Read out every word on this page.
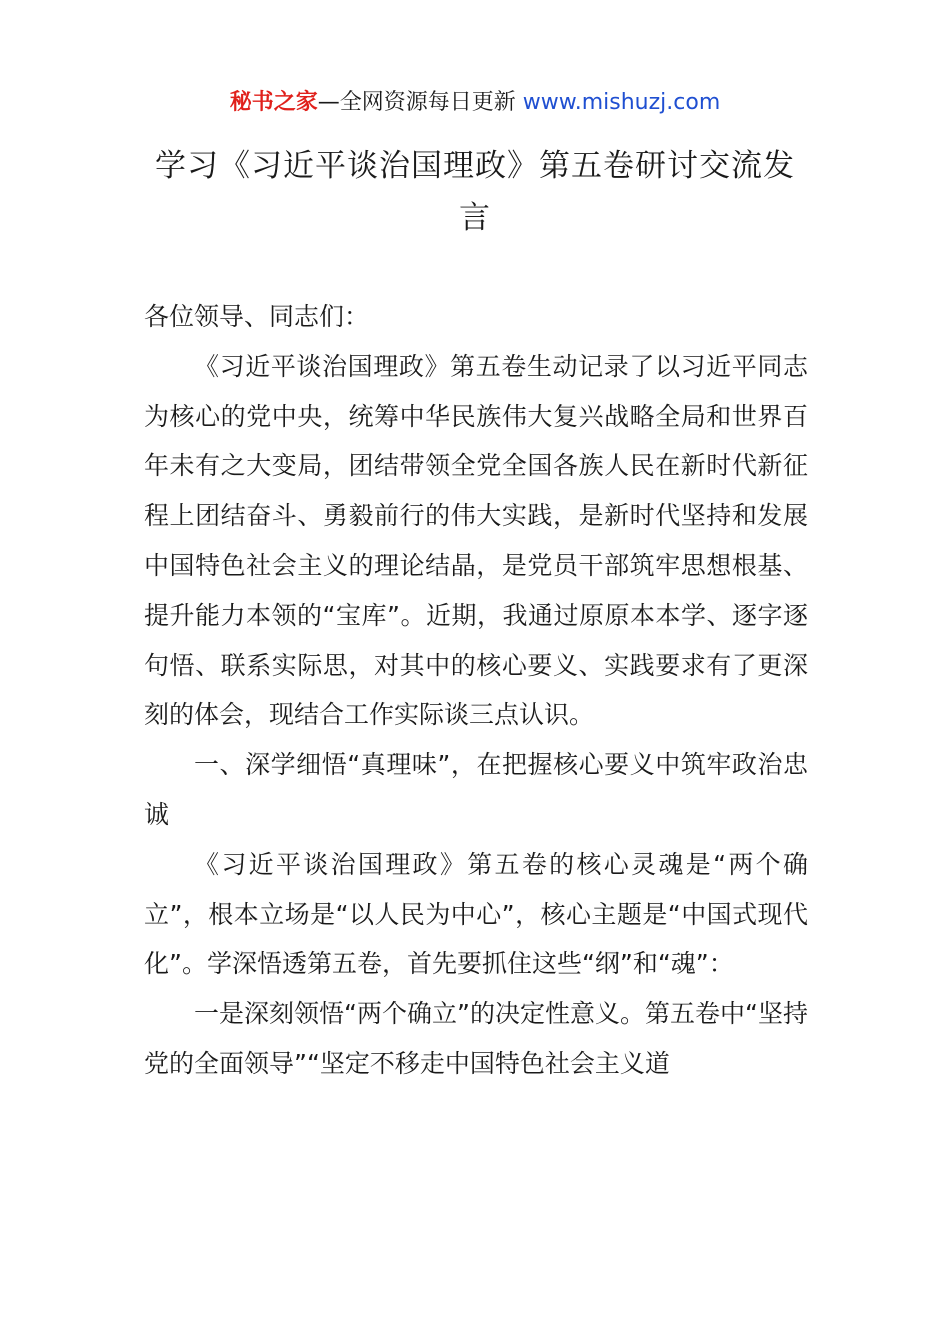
秘书之家—全网资源每日更新 www.mishuzj.com
学习《习近平谈治国理政》第五卷研讨交流发言

各位领导、同志们：

《习近平谈治国理政》第五卷生动记录了以习近平同志为核心的党中央，统筹中华民族伟大复兴战略全局和世界百年未有之大变局，团结带领全党全国各族人民在新时代新征程上团结奋斗、勇毅前行的伟大实践，是新时代坚持和发展中国特色社会主义的理论结晶，是党员干部筑牢思想根基、提升能力本领的“宝库”。近期，我通过原原本本学、逐字逐句悟、联系实际思，对其中的核心要义、实践要求有了更深刻的体会，现结合工作实际谈三点认识。

一、深学细悟“真理味”，在把握核心要义中筑牢政治忠诚

《习近平谈治国理政》第五卷的核心灵魂是“两个确立”，根本立场是“以人民为中心”，核心主题是“中国式现代化”。学深悟透第五卷，首先要抓住这些“纲”和“魂”：

一是深刻领悟“两个确立”的决定性意义。第五卷中“坚持党的全面领导”“坚定不移走中国特色社会主义道
